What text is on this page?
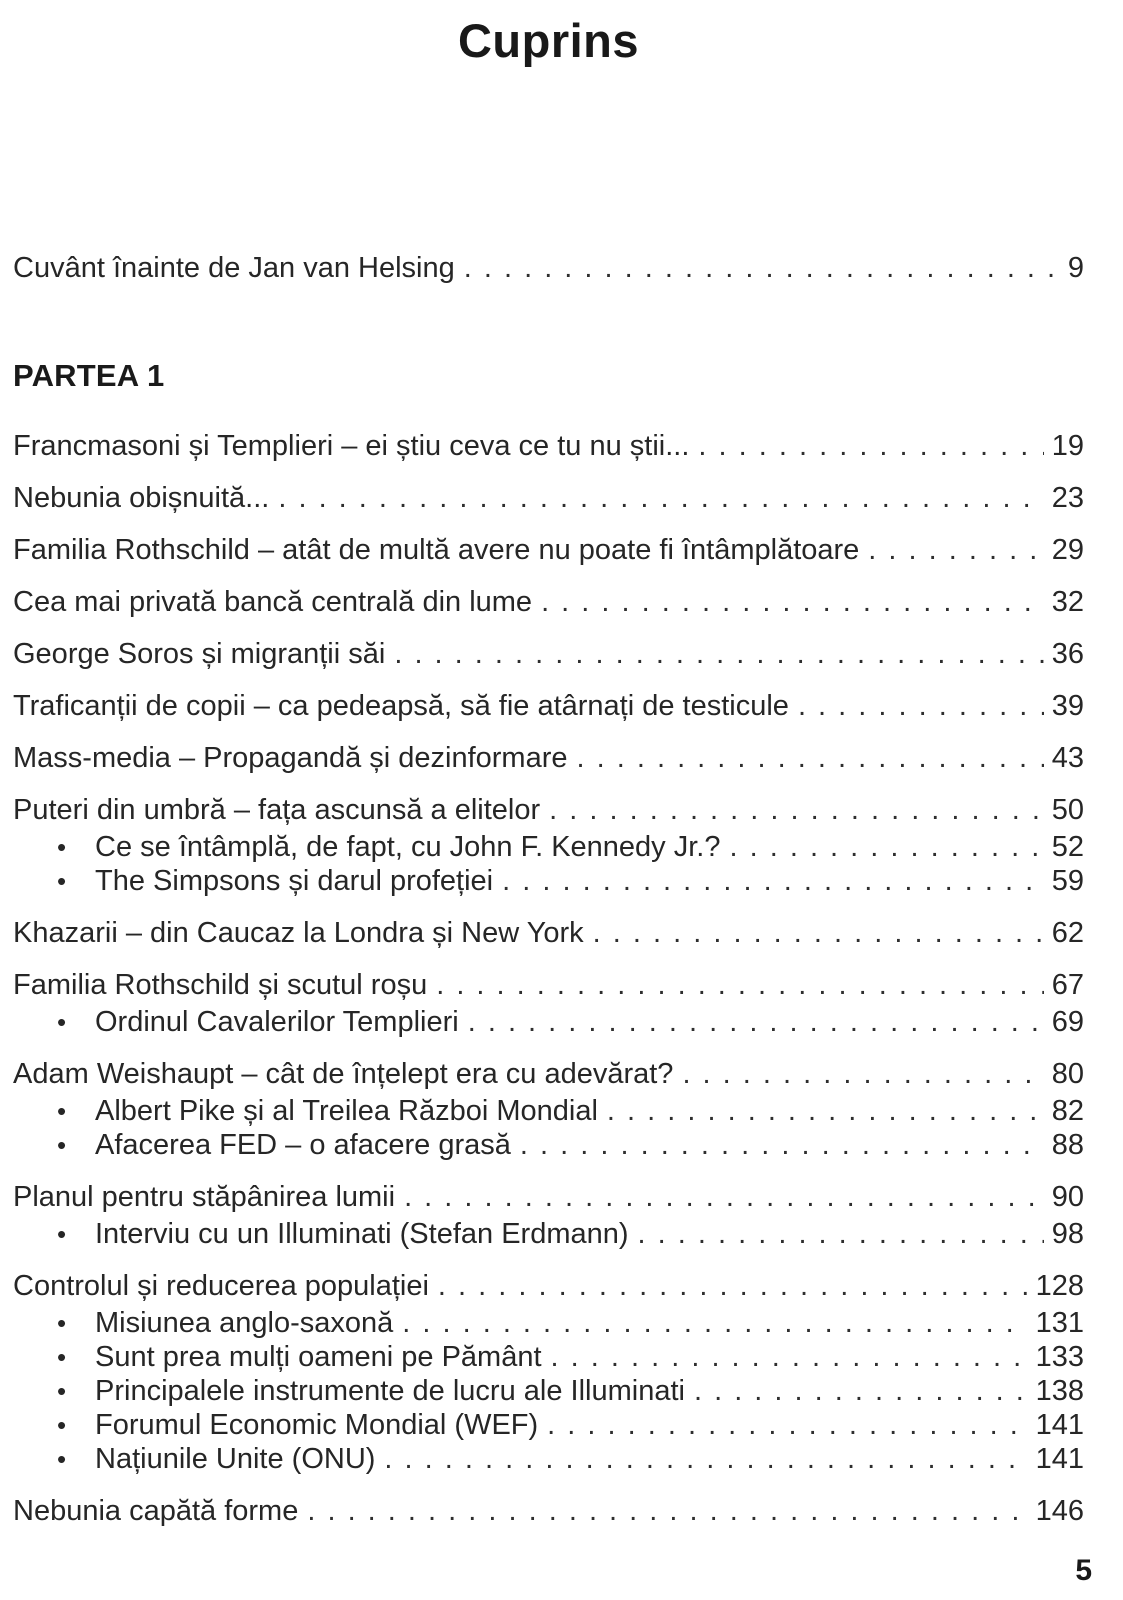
Cuprins
Cuvânt înainte de Jan van Helsing . . .	9
PARTEA 1
Francmasoni și Templieri – ei știu ceva ce tu nu știi... . . .	19
Nebunia obișnuită... . . .	23
Familia Rothschild – atât de multă avere nu poate fi întâmplătoare . . .	29
Cea mai privată bancă centrală din lume . . .	32
George Soros și migranții săi . . .	36
Traficanții de copii – ca pedeapsă, să fie atârnați de testicule . . .	39
Mass-media – Propagandă și dezinformare . . .	43
Puteri din umbră – fața ascunsă a elitelor . . .	50
•
Ce se întâmplă, de fapt, cu John F. Kennedy Jr.? . . .	52
•
The Simpsons și darul profeției . . .	59
Khazarii – din Caucaz la Londra și New York . . .	62
Familia Rothschild și scutul roșu . . .	67
•
Ordinul Cavalerilor Templieri . . .	69
Adam Weishaupt – cât de înțelept era cu adevărat? . . .	80
•
Albert Pike și al Treilea Război Mondial . . .	82
•
Afacerea FED – o afacere grasă . . .	88
Planul pentru stăpânirea lumii . . .	90
•
Interviu cu un Illuminati (Stefan Erdmann) . . .	98
Controlul și reducerea populației . . .	128
•
Misiunea anglo-saxonă . . .	131
•
Sunt prea mulți oameni pe Pământ . . .	133
•
Principalele instrumente de lucru ale Illuminati . . .	138
•
Forumul Economic Mondial (WEF) . . .	141
•
Națiunile Unite (ONU) . . .	141
Nebunia capătă forme . . .	146
5
